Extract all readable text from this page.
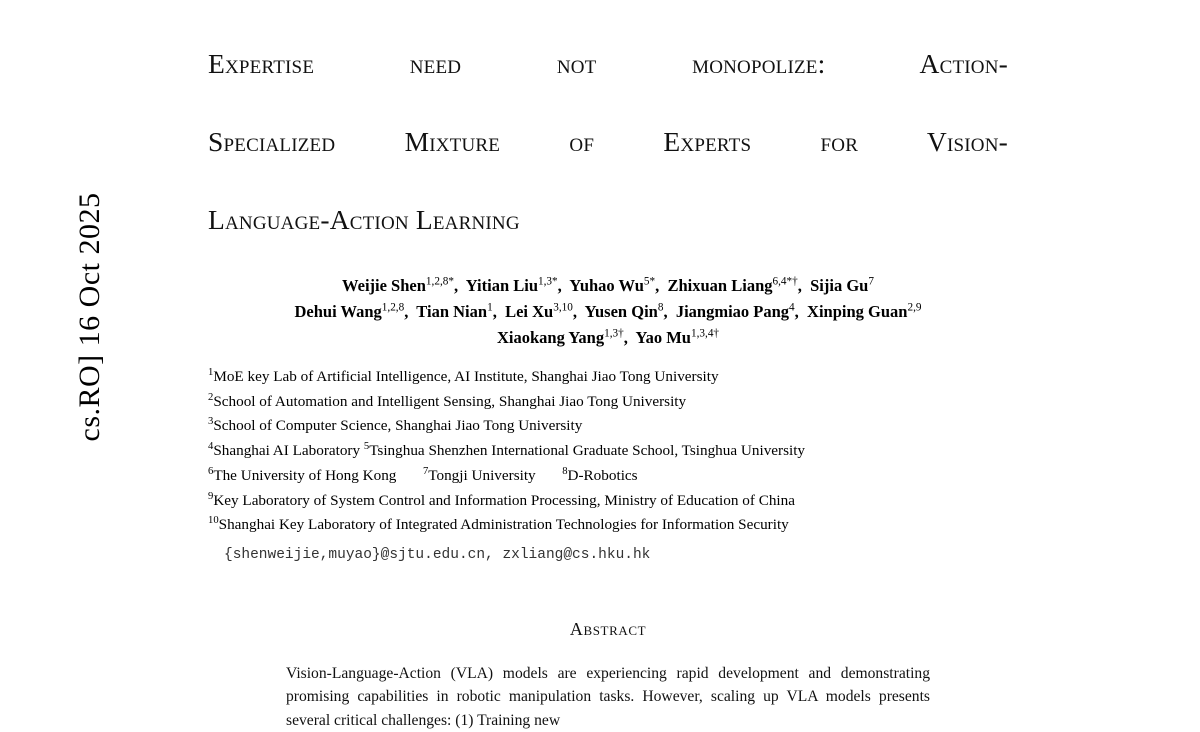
cs.RO] 16 Oct 2025
Expertise need not monopolize: Action-
Specialized Mixture of Experts for Vision-
Language-Action Learning
Weijie Shen$^{1,2,8*}$,  Yitian Liu$^{1,3*}$,  Yuhao $Wu^{5*}$,  Zhixuan Liang$^{6,4*\dagger}$,  Sijia Gu$^7$
Dehui Wang$^{1,2,8}$,  Tian Nian$^1$,  Lei Xu$^{3,10}$,  Yusen Qin$^8$,  Jiangmiao Pang$^4$,  Xinping Guan$^{2,9}$
Xiaokang Yang$^{1,3\dagger}$,  Yao $Mu^{1,3,4\dagger}$
$^1$MoE key Lab of Artificial Intelligence, AI Institute, Shanghai Jiao Tong University
$^2$School of Automation and Intelligent Sensing, Shanghai Jiao Tong University
$^3$School of Computer Science, Shanghai Jiao Tong University
$^4$Shanghai AI Laboratory $^5$Tsinghua Shenzhen International Graduate School, Tsinghua University
$^6$The University of Hong Kong $^7$Tongji University $^8$D-Robotics
$^9$Key Laboratory of System Control and Information Processing, Ministry of Education of China
$^{10}$Shanghai Key Laboratory of Integrated Administration Technologies for Information Security
{shenweijie,muyao}@sjtu.edu.cn, zxliang@cs.hku.hk
Abstract

Vision-Language-Action (VLA) models are experiencing rapid development and demonstrating promising capabilities in robotic manipulation tasks. However, scaling up VLA models presents several critical challenges: (1) Training new
